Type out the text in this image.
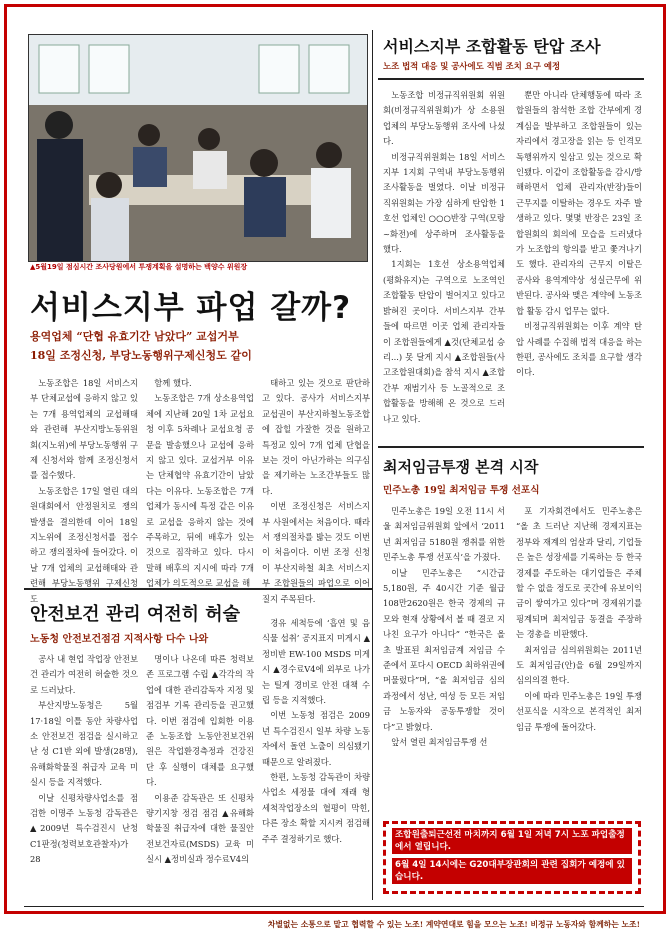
▲5월19일 점심시간 조사당원에서 투쟁계획을 설명하는 백양수 위원장
서비스지부 조합활동 탄압 조사
노조 법적 대응 및 공사에도 직범 조치 요구 예정

노동조합 비정규직위원회 위원회(비정규직위원회)가 상 소용원업체의 부당노동행위 조사에 나섰다.

비정규직위원회는 18일 서비스지부 1지회 구역내 부당노동행위 조사활동을 벌였다. 이날 비정규직위원회는 가장 심하게 탄압한 1호선 업체인 ○○○반장 구역(모랑~화전)에 상주하며 조사활동을 했다.

1지회는 1호선 상소용역업체(평화유지)는 구역으로 노조역인 조합활동 탄압이 벌어지고 있다고 밝혀진 곳이다. 서비스지부 간부들에 따르면 이곳 업체 관리자들이 조합원들에게 ▲것(단체교섭 승리...) 못 달게 지시 ▲조합원들(사고조합원대회)을 참석 지시 ▲조합간부 재범기사 등 노골적으로 조합활동을 방해해 온 것으로 드러나고 있다.

뿐만 아니라 단체행동에 따라 조합원들의 참석한 조합 간부에게 경계심을 발부하고 조합원들이 있는 자리에서 경고장을 읽는 등 인격모독행위까지 일삼고 있는 것으로 확인됐다. 이같이 조합활동을 감시/방해하면서 업체 관리자(반장)들이 근무지를 이탈하는 경우도 자주 발생하고 있다. 몇몇 반장은 23일 조합원회의 회의에 모습을 드러냈다가 노조합의 항의를 받고 쫓겨나기도 했다. 관리자의 근무지 이탈은 공사와 용역계약상 성실근무에 위반된다. 공사와 맺은 계약에 노동조합 활동 감시 업무는 없다.

비정규직위원회는 이후 계약 탄압 사례를 수집해 법적 대응을 하는 한편, 공사에도 조치를 요구할 생각이다.

서비스지부 파업 갈까?
용역업체 “단협 유효기간 남았다” 교섭거부
18일 조정신청, 부당노동행위구제신청도 같이

노동조합은 18일 서비스지부 단체교섭에 응하지 않고 있는 7개 용역업체의 교섭해태와 관련해 부산지방노동위원회(지노위)에 부당노동행위 구제 신청서와 함께 조정신청서를 접수했다.

노동조합은 17일 열린 대의원대회에서 안정원치로 쟁의 발생을 결의한데 이어 18일 지노위에 조정신청서를 접수하고 쟁의절차에 들어갔다. 이날 7개 업체의 교섭해태와 관련해 부당노동행위 구제신청도

함께 했다.

노동조합은 7개 상소용역업체에 지난해 20일 1차 교섭요청 이후 5차례나 교섭요청 공문을 발송했으나 교섭에 응하지 않고 있다. 교섭거부 이유는 단체협약 유효기간이 남았다는 이유다. 노동조합은 7개 업체가 동시에 특정 같은 이유로 교섭을 응하지 않는 것에 주목하고, 뒤에 배후가 있는 것으로 짐작하고 있다. 다시 말해 배후의 지시에 따라 7개 업체가 의도적으로 교섭을 해

태하고 있는 것으로 판단하고 있다. 공사가 서비스지부 교섭권이 부산지하철노동조합에 잡힐 가잘한 것을 원하고 특정교 있어 7개 업체 단협을 보는 것이 아닌가하는 의구심을 제기하는 노조간부들도 많다.

이번 조정신청은 서비스지부 사원에서는 처음이다. 때라서 쟁의절차를 밟는 것도 이번이 처음이다. 이번 조정 신청이 부산지하철 최초 서비스지부 조합원들의 파업으로 이어질지 주목된다.

안전보건 관리 여전히 허술
노동청 안전보건점검 지적사항 다수 나와

공사 내 현업 작업장 안전보건 관리가 여전히 허술한 것으로 드러났다.

부산지방노동청은 5월 17·18일 이틀 동안 차량사업소 안전보건 점검을 실시하고 난 성 C1반 외에 발생(28명), 유해화학물질 취급자 교육 미실시 등을 지적했다.

이날 신평차량사업소를 점검한 이명주 노동청 감독관은 ▲2009년 특수검진시 난청 C1판정(청력보호관찰자)가 28

명이나 나온데 따른 청력보존 프로그램 수립 ▲각각의 작업에 대한 관리감독자 지정 및 점검부 기록 관리등을 권고했다. 이번 점검에 입회한 이용준 노동조합 노동안전보건위원은 작업환경측정과 건강진단 후 실행이 대체를 요구했다.

이용준 감독관은 또 신평차량기지창 정검 점검 ▲유해화학물질 취급자에 대한 물질안전보건자료(MSDS) 교육 미실시 ▲정비실과 정수료V4의

경유 세척등에 ‘흡연 및 음식물 섭취’ 공지표지 미게시 ▲정비반 EW-100 MSDS 미게시 ▲경수료V4에 외부로 나가는 틸게 경비로 안전 대책 수립 등을 지적했다.

이번 노동청 점검은 2009년 특수검진시 일부 차량 노동자에서 돌연 노출이 의심됐기 때문으로 알려졌다.

한편, 노동청 감독관이 차량 사업소 세정물 대에 재래 형 세척작업장소의 혈평이 막힌, 다른 장소 확할 지시켜 점검해 주주 결정하기로 했다.

최저임금투쟁 본격 시작
민주노총 19일 최저임금 투쟁 선포식

민주노총은 19일 오전 11시 서울 최저임금위원회 앞에서 ‘2011년 최저임금 5180원 쟁취를 위한 민주노총 투쟁 선포식’을 가졌다.

이날 민주노총은 “시간급 5,180원, 주 40시간 기준 월급 108만2620원은 한국 경제의 규모와 현재 상황에서 볼 때 결코 지나친 요구가 아니다” “한국은 올 초 발표된 최저임금계 저임금 수준에서 포다시 OECD 최하위권에 머물렀다”며, “올 최저임금 심의 과정에서 성난, 여성 등 모든 저임금 노동자와 공동투쟁할 것이다”고 밝혔다.

앞서 열린 최저임금투쟁 선

포 기자회견에서도 민주노총은 “올 초 드러난 지난해 경제지표는 정부와 재계의 엄살과 달리, 기업들은 높은 성장세를 기록하는 등 한국 경제를 주도하는 대기업들은 주체할 수 없을 정도로 곳간에 유보이익금이 쌓여가고 있다”며 경제위기를 핑계되며 최저임금 동결을 주장하는 경총을 비판했다.

최저임금 심의위원회는 2011년도 최저임금(안)을 6월 29일까지 심의의결 한다.

이에 따라 민주노총은 19일 투쟁선포식을 시작으로 본격적인 최저임금 투쟁에 돌어갔다.

조합원출퇴근선전 마치까지 6월 1일 저녁 7시 노포 파업출정에서 열립니다.
6월 4일 14시에는 G20대부장관회의 관련 집회가 예정에 있습니다.
차별없는 소통으로 맡고 협력할 수 있는 노조! 계약연대로 힘을 모으는 노조! 비정규 노동자와 함께하는 노조!
